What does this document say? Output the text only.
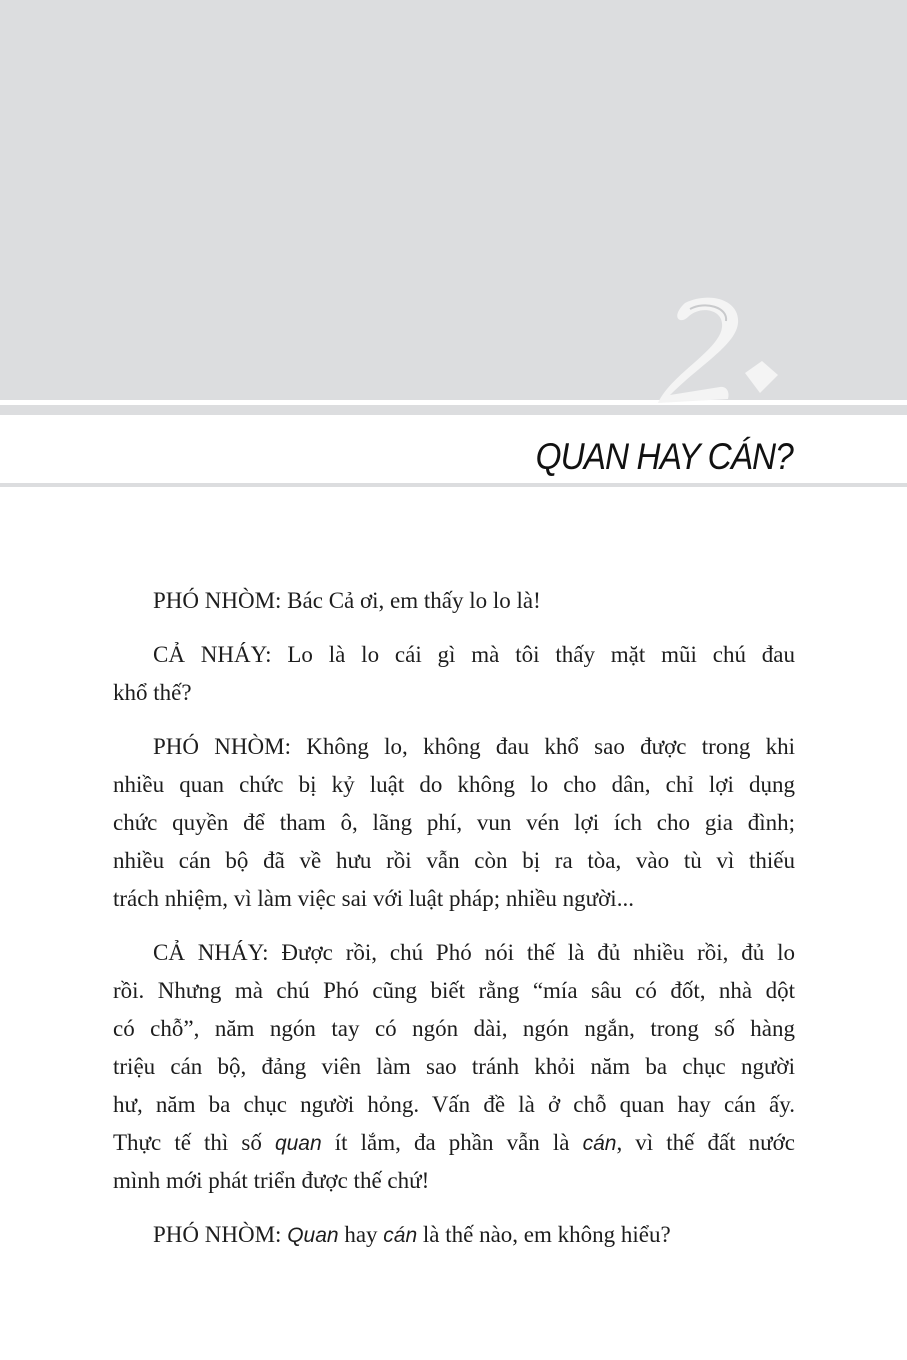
QUAN HAY CÁN?
PHÓ NHÒM: Bác Cả ơi, em thấy lo lo là!
CẢ NHÁY: Lo là lo cái gì mà tôi thấy mặt mũi chú đau
khổ thế?
PHÓ NHÒM: Không lo, không đau khổ sao được trong khi
nhiều quan chức bị kỷ luật do không lo cho dân, chỉ lợi dụng
chức quyền để tham ô, lãng phí, vun vén lợi ích cho gia đình;
nhiều cán bộ đã về hưu rồi vẫn còn bị ra tòa, vào tù vì thiếu
trách nhiệm, vì làm việc sai với luật pháp; nhiều người...
CẢ NHÁY: Được rồi, chú Phó nói thế là đủ nhiều rồi, đủ lo
rồi. Nhưng mà chú Phó cũng biết rằng “mía sâu có đốt, nhà dột
có chỗ”, năm ngón tay có ngón dài, ngón ngắn, trong số hàng
triệu cán bộ, đảng viên làm sao tránh khỏi năm ba chục người
hư, năm ba chục người hỏng. Vấn đề là ở chỗ quan hay cán ấy.
Thực tế thì số quan ít lắm, đa phần vẫn là cán, vì thế đất nước
mình mới phát triển được thế chứ!
PHÓ NHÒM: Quan hay cán là thế nào, em không hiểu?
